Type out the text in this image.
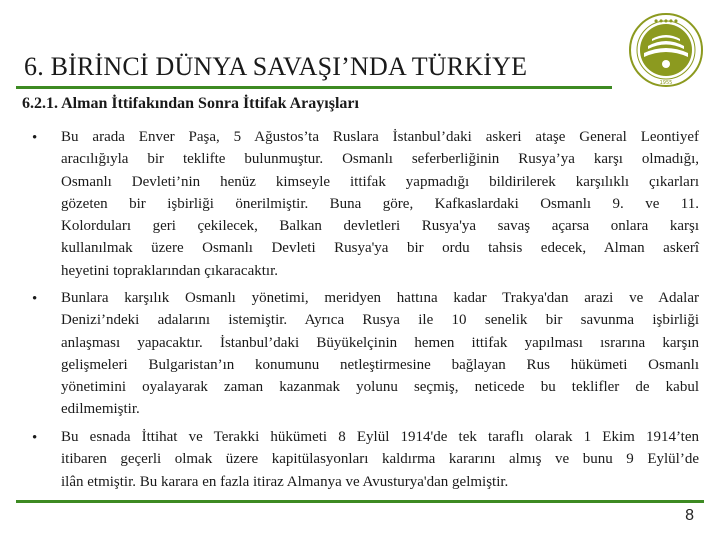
6. BİRİNCİ DÜNYA SAVAŞI’NDA TÜRKİYE
● ● ● ● ●
1955
6.2.1. Alman İttifakından Sonra İttifak Arayışları
• Bu arada Enver Paşa, 5 Ağustos’ta Ruslara İstanbul’daki askeri ataşe General Leontiyef
aracılığıyla bir teklifte bulunmuştur. Osmanlı seferberliğinin Rusya’ya karşı olmadığı,
Osmanlı Devleti’nin henüz kimseyle ittifak yapmadığı bildirilerek karşılıklı çıkarları
gözeten bir işbirliği önerilmiştir. Buna göre, Kafkaslardaki Osmanlı 9. ve 11.
Kolorduları geri çekilecek, Balkan devletleri Rusya'ya savaş açarsa onlara karşı
kullanılmak üzere Osmanlı Devleti Rusya'ya bir ordu tahsis edecek, Alman askerî
heyetini topraklarından çıkaracaktır.
• Bunlara karşılık Osmanlı yönetimi, meridyen hattına kadar Trakya'dan arazi ve Adalar
Denizi’ndeki adalarını istemiştir. Ayrıca Rusya ile 10 senelik bir savunma işbirliği
anlaşması yapacaktır. İstanbul’daki Büyükelçinin hemen ittifak yapılması ısrarına karşın
gelişmeleri Bulgaristan’ın konumunu netleştirmesine bağlayan Rus hükümeti Osmanlı
yönetimini oyalayarak zaman kazanmak yolunu seçmiş, neticede bu teklifler de kabul
edilmemiştir.
• Bu esnada İttihat ve Terakki hükümeti 8 Eylül 1914'de tek taraflı olarak 1 Ekim 1914’ten
itibaren geçerli olmak üzere kapitülasyonları kaldırma kararını almış ve bunu 9 Eylül’de
ilân etmiştir. Bu karara en fazla itiraz Almanya ve Avusturya'dan gelmiştir.
8
